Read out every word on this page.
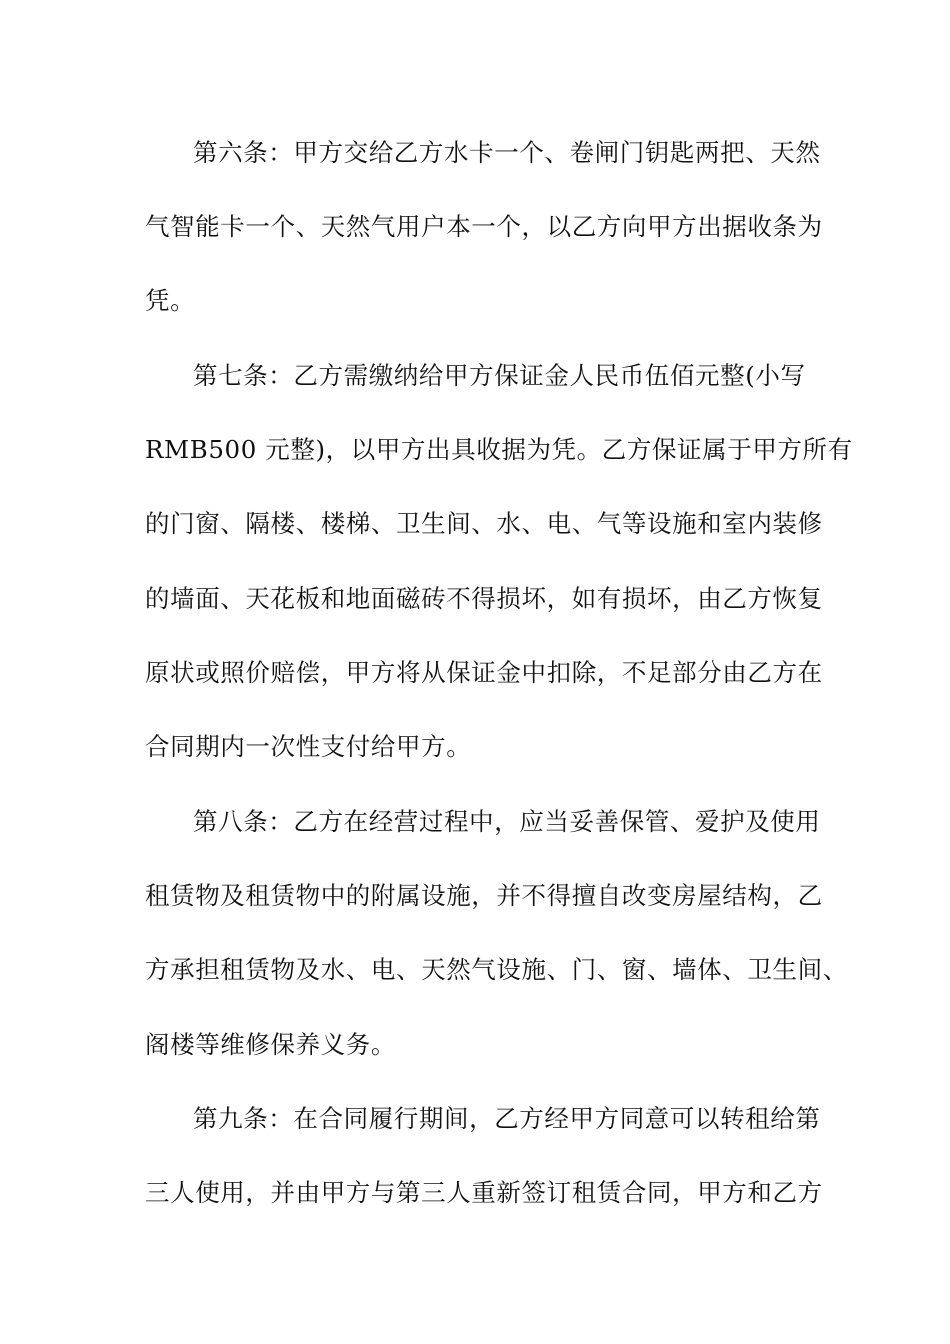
第六条：甲方交给乙方水卡一个、卷闸门钥匙两把、天然
气智能卡一个、天然气用户本一个，以乙方向甲方出据收条为
凭。
第七条：乙方需缴纳给甲方保证金人民币伍佰元整(小写
RMB500 元整)，以甲方出具收据为凭。乙方保证属于甲方所有
的门窗、隔楼、楼梯、卫生间、水、电、气等设施和室内装修
的墙面、天花板和地面磁砖不得损坏，如有损坏，由乙方恢复
原状或照价赔偿，甲方将从保证金中扣除，不足部分由乙方在
合同期内一次性支付给甲方。
第八条：乙方在经营过程中，应当妥善保管、爱护及使用
租赁物及租赁物中的附属设施，并不得擅自改变房屋结构，乙
方承担租赁物及水、电、天然气设施、门、窗、墙体、卫生间、
阁楼等维修保养义务。
第九条：在合同履行期间，乙方经甲方同意可以转租给第
三人使用，并由甲方与第三人重新签订租赁合同，甲方和乙方
